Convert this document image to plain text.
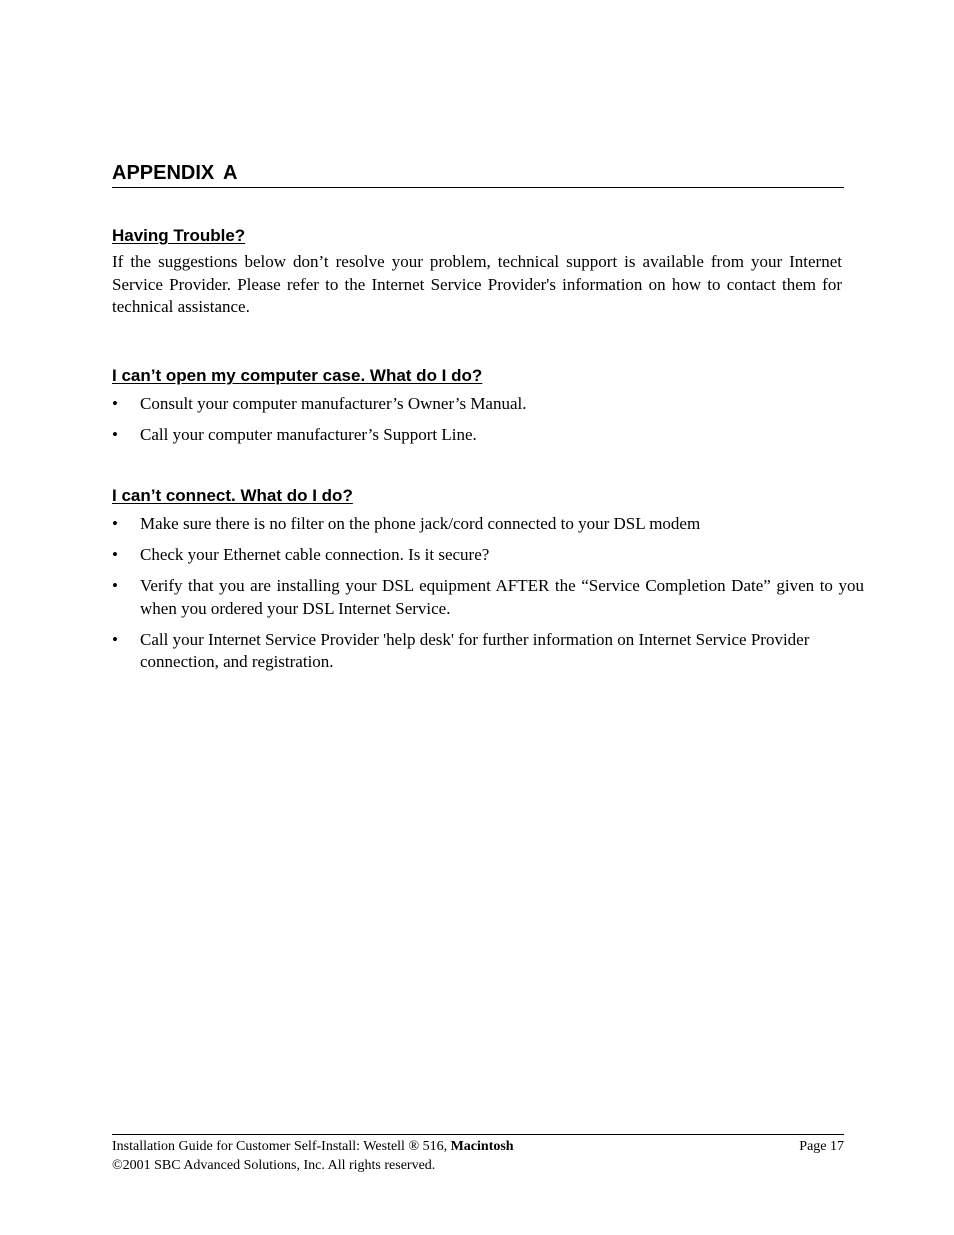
APPENDIX A
Having Trouble?

If the suggestions below don’t resolve your problem, technical support is available from your Internet Service Provider. Please refer to the Internet Service Provider's information on how to contact them for technical assistance.

I can’t open my computer case. What do I do?
•	Consult your computer manufacturer’s Owner’s Manual.
•	Call your computer manufacturer’s Support Line.
I can’t connect. What do I do?
•	Make sure there is no filter on the phone jack/cord connected to your DSL modem
•	Check your Ethernet cable connection. Is it secure?
•	Verify that you are installing your DSL equipment AFTER the “Service Completion Date” given to you when you ordered your DSL Internet Service.
•	Call your Internet Service Provider 'help desk' for further information on Internet Service Provider connection, and registration.
Installation Guide for Customer Self-Install: Westell ® 516, Macintosh	Page 17
©2001 SBC Advanced Solutions, Inc. All rights reserved.
